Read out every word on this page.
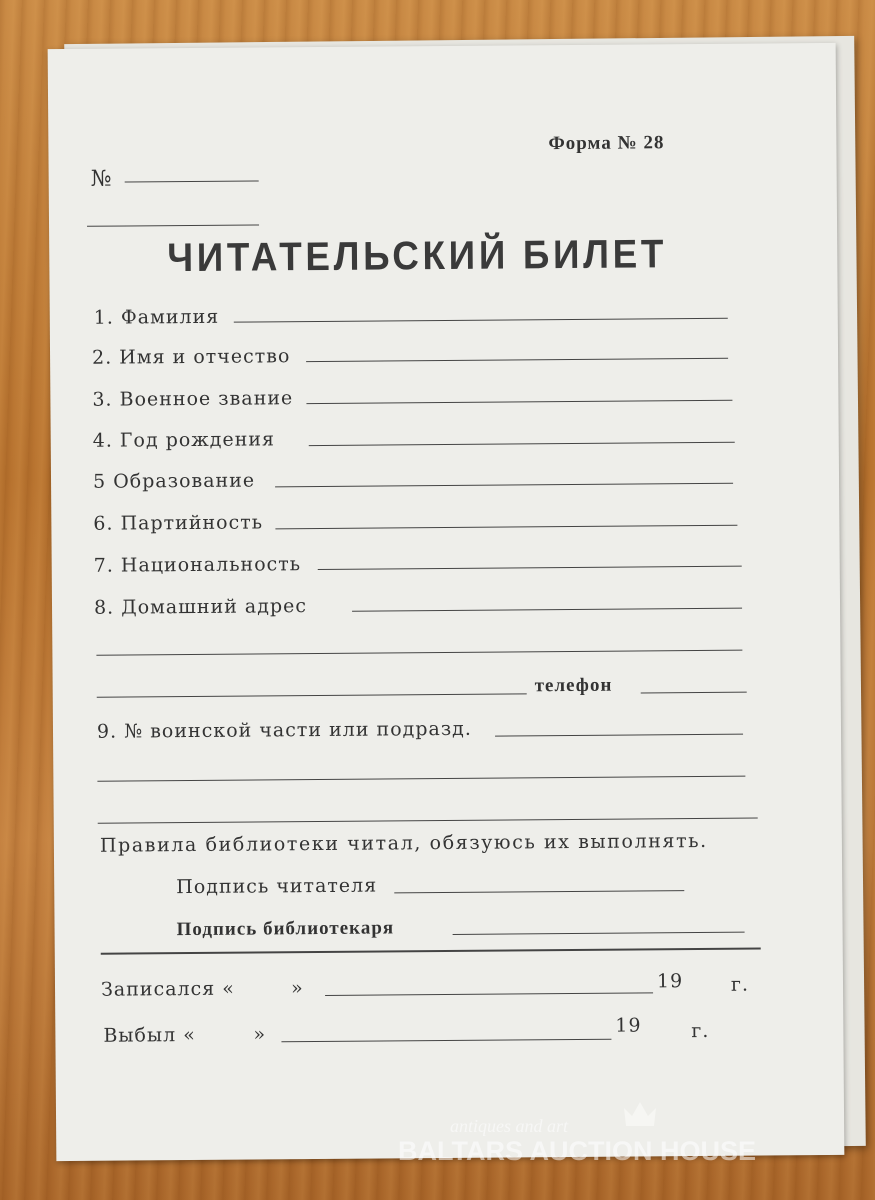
Форма № 28
№
ЧИТАТЕЛЬСКИЙ БИЛЕТ
1. Фамилия
2. Имя и отчество
3. Военное звание
4. Год рождения
5 Образование
6. Партийность
7. Национальность
8. Домашний адрес
телефон
9. № воинской части или подразд.
Правила библиотеки читал, обязуюсь их выполнять.
Подпись читателя
Подпись библиотекаря
Записался «	»	19	г.
Выбыл «	»	19	г.
antiques and art
BALTARS AUCTION HOUSE
